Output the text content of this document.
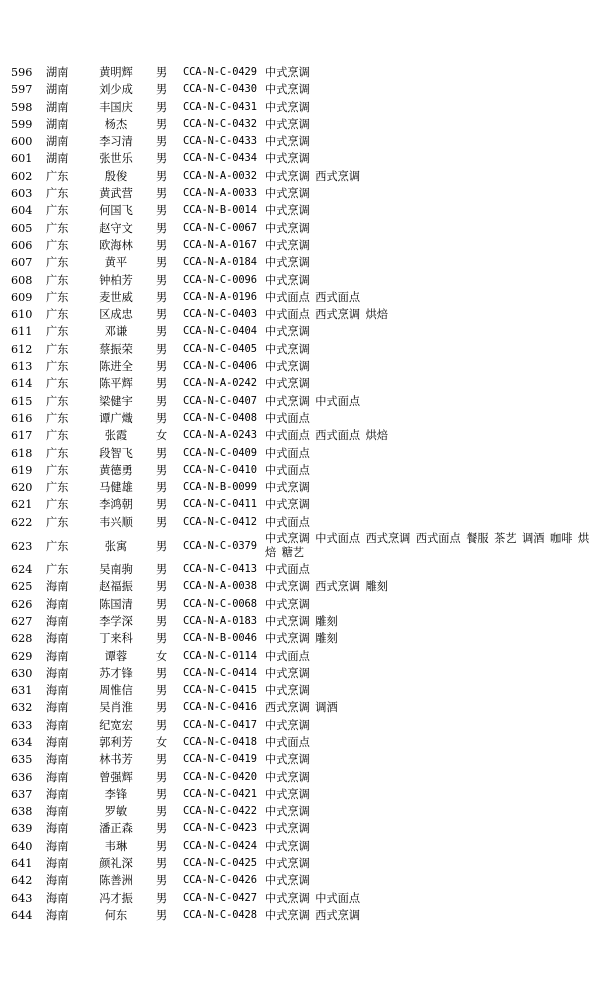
596	湖南	黄明辉	男 CCA-N-C-0429 中式烹调
597	湖南	刘少成	男 CCA-N-C-0430 中式烹调
598	湖南	丰国庆	男 CCA-N-C-0431 中式烹调
599	湖南	杨杰	男 CCA-N-C-0432 中式烹调
600	湖南	李习清	男 CCA-N-C-0433 中式烹调
601	湖南	张世乐	男 CCA-N-C-0434 中式烹调
602	广东	殷俊	男 CCA-N-A-0032 中式烹调 西式烹调
603	广东	黄武营	男 CCA-N-A-0033 中式烹调
604	广东	何国飞	男 CCA-N-B-0014 中式烹调
605	广东	赵守文	男 CCA-N-C-0067 中式烹调
606	广东	欧海林	男 CCA-N-A-0167 中式烹调
607	广东	黄平	男 CCA-N-A-0184 中式烹调
608	广东	钟柏芳	男 CCA-N-C-0096 中式烹调
609	广东	麦世威	男 CCA-N-A-0196 中式面点 西式面点
610	广东	区成忠	男 CCA-N-C-0403 中式面点 西式烹调 烘焙
611	广东	邓谦	男 CCA-N-C-0404 中式烹调
612	广东	蔡振荣	男 CCA-N-C-0405 中式烹调
613	广东	陈进全	男 CCA-N-C-0406 中式烹调
614	广东	陈平辉	男 CCA-N-A-0242 中式烹调
615	广东	梁健宇	男 CCA-N-C-0407 中式烹调 中式面点
616	广东	谭广熾	男 CCA-N-C-0408 中式面点
617	广东	张霞	女 CCA-N-A-0243 中式面点 西式面点 烘焙
618	广东	段智飞	男 CCA-N-C-0409 中式面点
619	广东	黄德勇	男 CCA-N-C-0410 中式面点
620	广东	马健雄	男 CCA-N-B-0099 中式烹调
621	广东	李鸿朝	男 CCA-N-C-0411 中式烹调
622	广东	韦兴顺	男 CCA-N-C-0412 中式面点
623	广东	张寓	男 CCA-N-C-0379
中式烹调 中式面点 西式烹调 西式面点 餐服 茶艺 调酒 咖啡 烘焙 糖艺
624	广东	吴南驹	男 CCA-N-C-0413 中式面点
625	海南	赵福振	男 CCA-N-A-0038 中式烹调 西式烹调 雕刻
626	海南	陈国清	男 CCA-N-C-0068 中式烹调
627	海南	李学深	男 CCA-N-A-0183 中式烹调 雕刻
628	海南	丁来科	男 CCA-N-B-0046 中式烹调 雕刻
629	海南	谭蓉	女 CCA-N-C-0114 中式面点
630	海南	苏才锋	男 CCA-N-C-0414 中式烹调
631	海南	周惟信	男 CCA-N-C-0415 中式烹调
632	海南	吴肖淮	男 CCA-N-C-0416 西式烹调 调酒
633	海南	纪宽宏	男 CCA-N-C-0417 中式烹调
634	海南	郭利芳	女 CCA-N-C-0418 中式面点
635	海南	林书芳	男 CCA-N-C-0419 中式烹调
636	海南	曾强辉	男 CCA-N-C-0420 中式烹调
637	海南	李锋	男 CCA-N-C-0421 中式烹调
638	海南	罗敏	男 CCA-N-C-0422 中式烹调
639	海南	潘正森	男 CCA-N-C-0423 中式烹调
640	海南	韦琳	男 CCA-N-C-0424 中式烹调
641	海南	颜礼深	男 CCA-N-C-0425 中式烹调
642	海南	陈善洲	男 CCA-N-C-0426 中式烹调
643	海南	冯才振	男 CCA-N-C-0427 中式烹调 中式面点
644	海南	何东	男 CCA-N-C-0428 中式烹调 西式烹调
